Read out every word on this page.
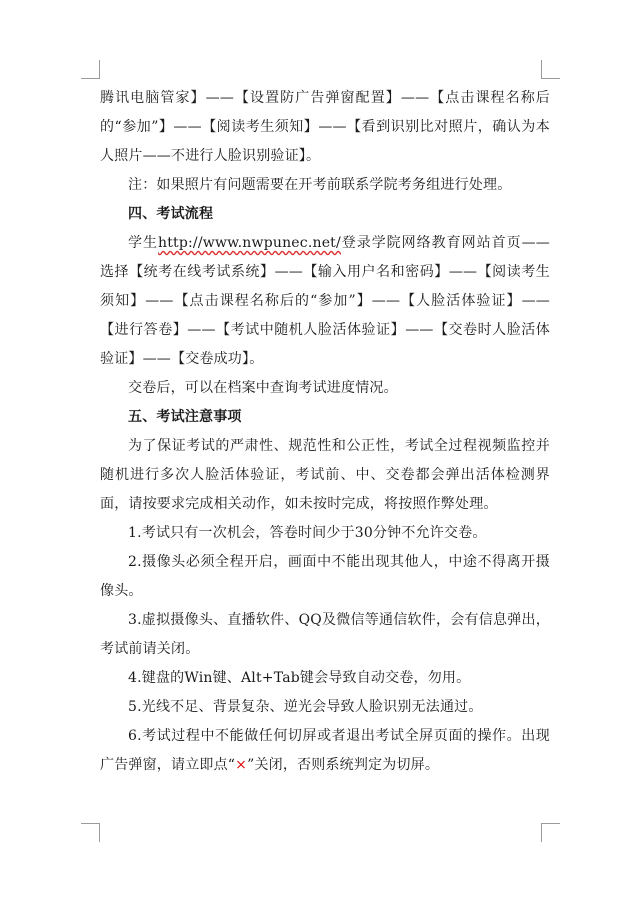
腾讯电脑管家】——【设置防广告弹窗配置】——【点击课程名称后的“参加”】——【阅读考生须知】——【看到识别比对照片，确认为本人照片——不进行人脸识别验证】。

注：如果照片有问题需要在开考前联系学院考务组进行处理。

四、考试流程

学生http://www.nwpunec.net/登录学院网络教育网站首页——选择【统考在线考试系统】——【输入用户名和密码】——【阅读考生须知】——【点击课程名称后的“参加”】——【人脸活体验证】——【进行答卷】——【考试中随机人脸活体验证】——【交卷时人脸活体验证】——【交卷成功】。

交卷后，可以在档案中查询考试进度情况。

五、考试注意事项

为了保证考试的严肃性、规范性和公正性，考试全过程视频监控并随机进行多次人脸活体验证，考试前、中、交卷都会弹出活体检测界面，请按要求完成相关动作，如未按时完成，将按照作弊处理。

1.考试只有一次机会，答卷时间少于30分钟不允许交卷。

2.摄像头必须全程开启，画面中不能出现其他人，中途不得离开摄像头。

3.虚拟摄像头、直播软件、QQ及微信等通信软件，会有信息弹出，考试前请关闭。

4.键盘的Win键、Alt+Tab键会导致自动交卷，勿用。

5.光线不足、背景复杂、逆光会导致人脸识别无法通过。

6.考试过程中不能做任何切屏或者退出考试全屏页面的操作。出现广告弹窗，请立即点“×”关闭，否则系统判定为切屏。
